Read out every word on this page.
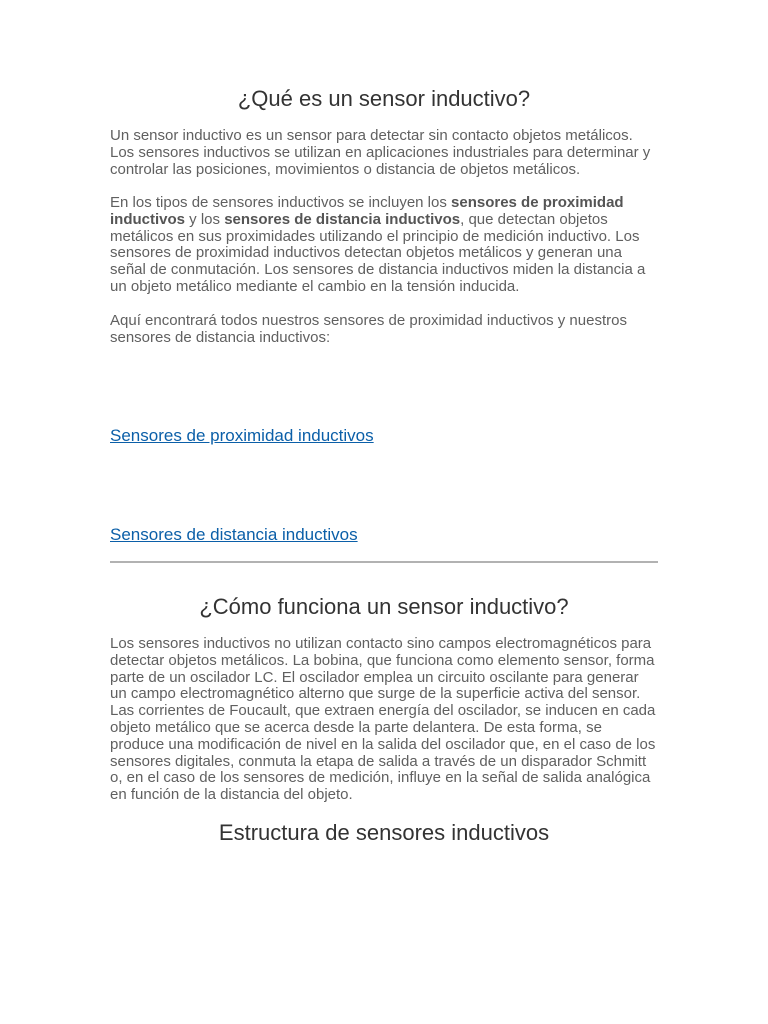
¿Qué es un sensor inductivo?

Un sensor inductivo es un sensor para detectar sin contacto objetos metálicos. Los sensores inductivos se utilizan en aplicaciones industriales para determinar y controlar las posiciones, movimientos o distancia de objetos metálicos.

En los tipos de sensores inductivos se incluyen los sensores de proximidad inductivos y los sensores de distancia inductivos, que detectan objetos metálicos en sus proximidades utilizando el principio de medición inductivo. Los sensores de proximidad inductivos detectan objetos metálicos y generan una señal de conmutación. Los sensores de distancia inductivos miden la distancia a un objeto metálico mediante el cambio en la tensión inducida.

Aquí encontrará todos nuestros sensores de proximidad inductivos y nuestros sensores de distancia inductivos:

Sensores de proximidad inductivos
Sensores de distancia inductivos
¿Cómo funciona un sensor inductivo?

Los sensores inductivos no utilizan contacto sino campos electromagnéticos para detectar objetos metálicos. La bobina, que funciona como elemento sensor, forma parte de un oscilador LC. El oscilador emplea un circuito oscilante para generar un campo electromagnético alterno que surge de la superficie activa del sensor. Las corrientes de Foucault, que extraen energía del oscilador, se inducen en cada objeto metálico que se acerca desde la parte delantera. De esta forma, se produce una modificación de nivel en la salida del oscilador que, en el caso de los sensores digitales, conmuta la etapa de salida a través de un disparador Schmitt o, en el caso de los sensores de medición, influye en la señal de salida analógica en función de la distancia del objeto.

Estructura de sensores inductivos
